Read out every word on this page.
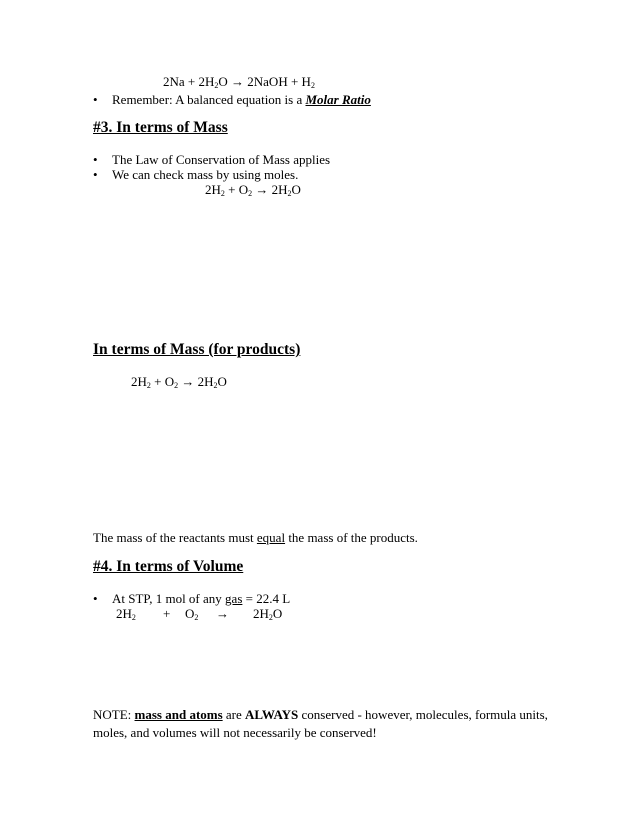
$2Na + 2H_2O$ → 2NaOH + $H_2$
• Remember: A balanced equation is a Molar Ratio
#3. In terms of Mass
• The Law of Conservation of Mass applies
• We can check mass by using moles.
$2H_2 + O_2 \to 2H_2O$
In terms of Mass (for products)
$2H_2 + O_2 \to 2H_2O$
The mass of the reactants must equal the mass of the products.
#4. In terms of Volume
• At STP, 1 mol of any gas = 22.4 L
$2H_2 + O_2 \to 2H_2O$
NOTE: mass and atoms are ALWAYS conserved - however, molecules, formula units, moles, and volumes will not necessarily be conserved!
